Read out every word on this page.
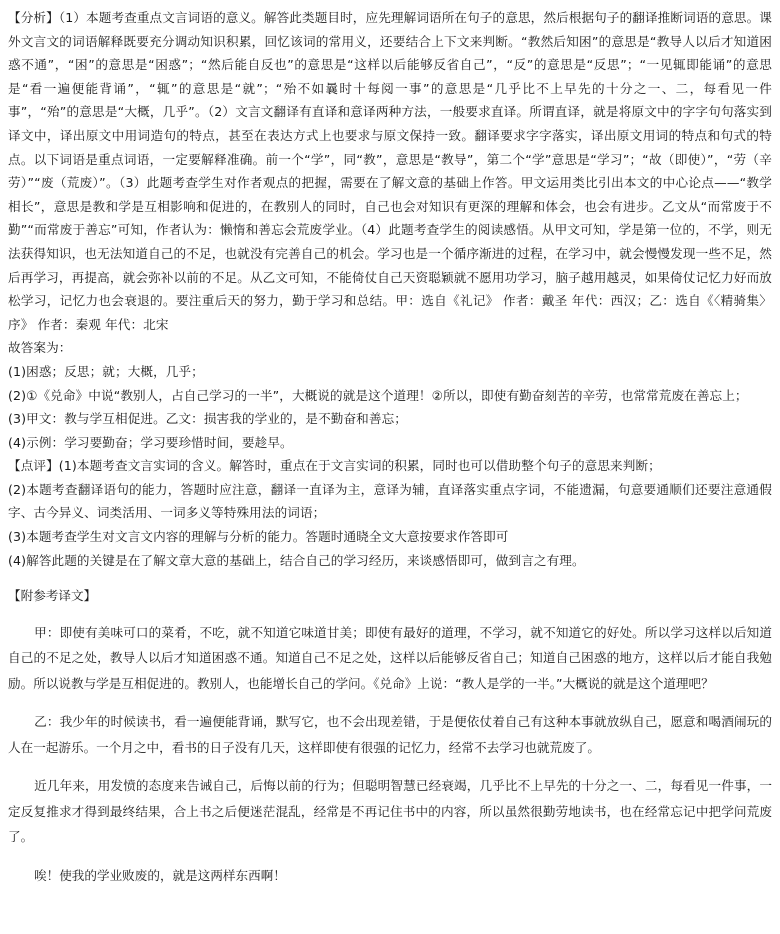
【分析】（1）本题考查重点文言词语的意义。解答此类题目时，应先理解词语所在句子的意思，然后根据句子的翻译推断词语的意思。课外文言文的词语解释既要充分调动知识积累，回忆该词的常用义，还要结合上下文来判断。“教然后知困”的意思是“教导人以后才知道困惑不通”，“困”的意思是“困惑”；“然后能自反也”的意思是“这样以后能够反省自己”，“反”的意思是“反思”；“一见辄即能诵”的意思是“看一遍便能背诵”，“辄”的意思是“就”；“殆不如曩时十每阅一事”的意思是“几乎比不上早先的十分之一、二，每看见一件事”，“殆”的意思是“大概，几乎”。（2）文言文翻译有直译和意译两种方法，一般要求直译。所谓直译，就是将原文中的字字句句落实到译文中，译出原文中用词造句的特点，甚至在表达方式上也要求与原文保持一致。翻译要求字字落实，译出原文用词的特点和句式的特点。以下词语是重点词语，一定要解释准确。前一个“学”，同“教”，意思是“教导”，第二个“学”意思是“学习”；“故（即使）”，“劳（辛劳）”“废（荒废）”。（3）此题考查学生对作者观点的把握，需要在了解文意的基础上作答。甲文运用类比引出本文的中心论点——“教学相长”，意思是教和学是互相影响和促进的，在教别人的同时，自己也会对知识有更深的理解和体会，也会有进步。乙文从“而常废于不勤”“而常废于善忘”可知，作者认为：懒惰和善忘会荒废学业。（4）此题考查学生的阅读感悟。从甲文可知，学是第一位的，不学，则无法获得知识，也无法知道自己的不足，也就没有完善自己的机会。学习也是一个循序渐进的过程，在学习中，就会慢慢发现一些不足，然后再学习，再提高，就会弥补以前的不足。从乙文可知，不能倚仗自己天资聪颖就不愿用功学习，脑子越用越灵，如果倚仗记忆力好而放松学习，记忆力也会衰退的。要注重后天的努力，勤于学习和总结。甲：选自《礼记》 作者：戴圣 年代：西汉；乙：选自《〈精骑集〉序》 作者：秦观 年代：北宋

故答案为：

(1)困惑；反思；就；大概，几乎；

(2)①《兑命》中说“教别人，占自己学习的一半”，大概说的就是这个道理！②所以，即使有勤奋刻苦的辛劳，也常常荒废在善忘上；

(3)甲文：教与学互相促进。乙文：损害我的学业的，是不勤奋和善忘；

(4)示例：学习要勤奋；学习要珍惜时间，要趁早。

【点评】(1)本题考查文言实词的含义。解答时，重点在于文言实词的积累，同时也可以借助整个句子的意思来判断；

(2)本题考查翻译语句的能力，答题时应注意，翻译一直译为主，意译为辅，直译落实重点字词，不能遗漏，句意要通顺们还要注意通假字、古今异义、词类活用、一词多义等特殊用法的词语；

(3)本题考查学生对文言文内容的理解与分析的能力。答题时通晓全文大意按要求作答即可

(4)解答此题的关键是在了解文章大意的基础上，结合自己的学习经历，来谈感悟即可，做到言之有理。

【附参考译文】

甲：即使有美味可口的菜肴，不吃，就不知道它味道甘美；即使有最好的道理，不学习，就不知道它的好处。所以学习这样以后知道自己的不足之处，教导人以后才知道困惑不通。知道自己不足之处，这样以后能够反省自己；知道自己困惑的地方，这样以后才能自我勉励。所以说教与学是互相促进的。教别人，也能增长自己的学问。《兑命》上说：“教人是学的一半。”大概说的就是这个道理吧？

乙：我少年的时候读书，看一遍便能背诵，默写它，也不会出现差错，于是便依仗着自己有这种本事就放纵自己，愿意和喝酒闹玩的人在一起游乐。一个月之中，看书的日子没有几天，这样即使有很强的记忆力，经常不去学习也就荒废了。

近几年来，用发愤的态度来告诫自己，后悔以前的行为；但聪明智慧已经衰竭，几乎比不上早先的十分之一、二，每看见一件事，一定反复推求才得到最终结果，合上书之后便迷茫混乱，经常是不再记住书中的内容，所以虽然很勤劳地读书，也在经常忘记中把学问荒废了。

唉！使我的学业败废的，就是这两样东西啊！
